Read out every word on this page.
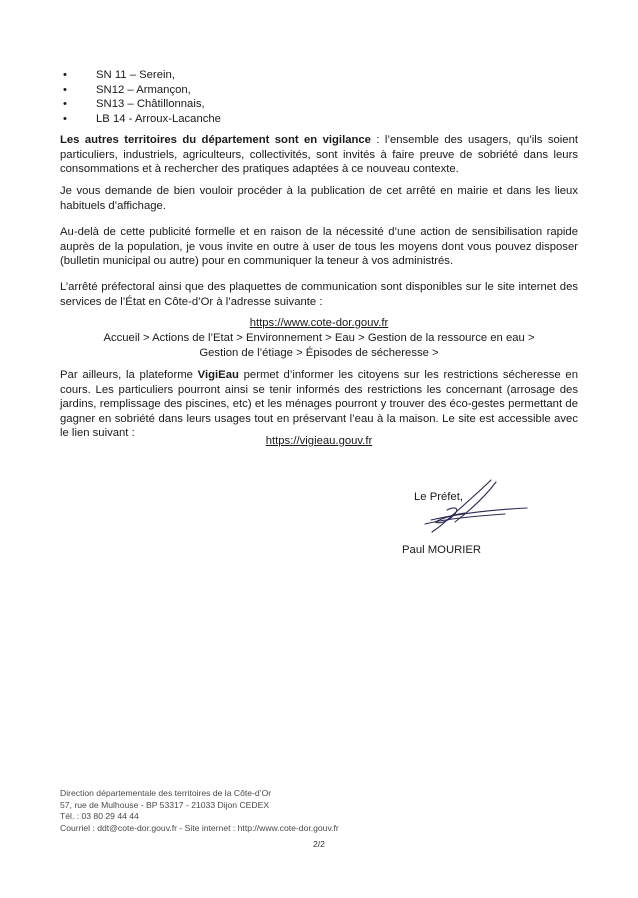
•	SN 11 – Serein,
•	SN12 – Armançon,
•	SN13 – Châtillonnais,
•	LB 14 - Arroux-Lacanche

Les autres territoires du département sont en vigilance : l’ensemble des usagers, qu’ils soient particuliers, industriels, agriculteurs, collectivités, sont invités à faire preuve de sobriété dans leurs consommations et à rechercher des pratiques adaptées à ce nouveau contexte.

Je vous demande de bien vouloir procéder à la publication de cet arrêté en mairie et dans les lieux habituels d’affichage.

Au-delà de cette publicité formelle et en raison de la nécessité d’une action de sensibilisation rapide auprès de la population, je vous invite en outre à user de tous les moyens dont vous pouvez disposer (bulletin municipal ou autre) pour en communiquer la teneur à vos administrés.

L’arrêté préfectoral ainsi que des plaquettes de communication sont disponibles sur le site internet des services de l’État en Côte-d’Or à l’adresse suivante :

https://www.cote-dor.gouv.fr

Accueil > Actions de l’Etat > Environnement > Eau > Gestion de la ressource en eau >

Gestion de l’étiage > Épisodes de sécheresse >

Par ailleurs, la plateforme VigiEau permet d’informer les citoyens sur les restrictions sécheresse en cours. Les particuliers pourront ainsi se tenir informés des restrictions les concernant (arrosage des jardins, remplissage des piscines, etc) et les ménages pourront y trouver des éco-gestes permettant de gagner en sobriété dans leurs usages tout en préservant l’eau à la maison. Le site est accessible avec le lien suivant :

https://vigieau.gouv.fr

Le Préfet,
Paul MOURIER
Direction départementale des territoires de la Côte-d’Or
57, rue de Mulhouse - BP 53317 - 21033 Dijon CEDEX
Tél. : 03 80 29 44 44
Courriel : ddt@cote-dor.gouv.fr - Site internet : http://www.cote-dor.gouv.fr
2/2
